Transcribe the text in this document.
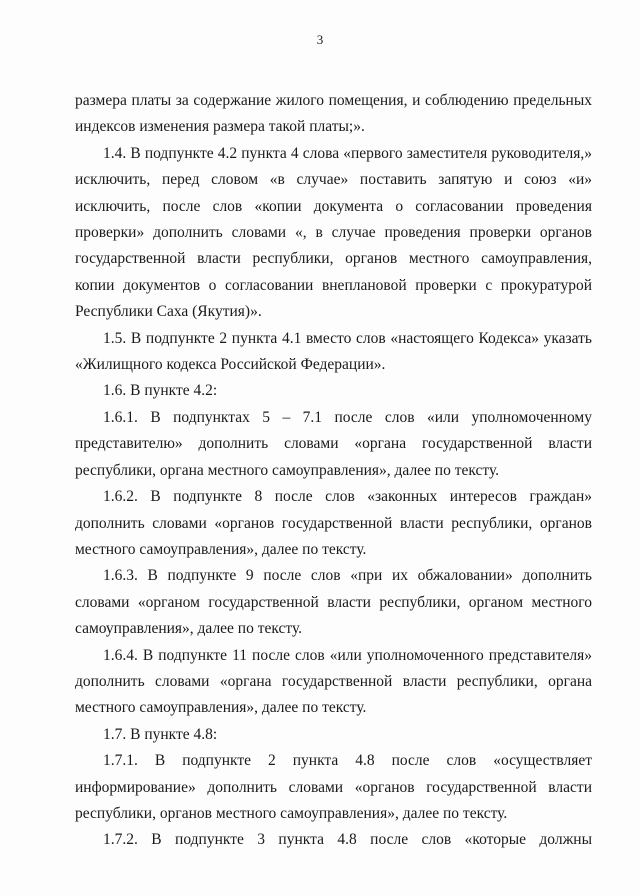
3

размера платы за содержание жилого помещения, и соблюдению предельных индексов изменения размера такой платы;».

1.4. В подпункте 4.2 пункта 4 слова «первого заместителя руководителя,» исключить, перед словом «в случае» поставить запятую и союз «и» исключить, после слов «копии документа о согласовании проведения проверки» дополнить словами «, в случае проведения проверки органов государственной власти республики, органов местного самоуправления, копии документов о согласовании внеплановой проверки с прокуратурой Республики Саха (Якутия)».

1.5. В подпункте 2 пункта 4.1 вместо слов «настоящего Кодекса» указать «Жилищного кодекса Российской Федерации».

1.6. В пункте 4.2:

1.6.1. В подпунктах 5 – 7.1 после слов «или уполномоченному представителю» дополнить словами «органа государственной власти республики, органа местного самоуправления», далее по тексту.

1.6.2. В подпункте 8 после слов «законных интересов граждан» дополнить словами «органов государственной власти республики, органов местного самоуправления», далее по тексту.

1.6.3. В подпункте 9 после слов «при их обжаловании» дополнить словами «органом государственной власти республики, органом местного самоуправления», далее по тексту.

1.6.4. В подпункте 11 после слов «или уполномоченного представителя» дополнить словами «органа государственной власти республики, органа местного самоуправления», далее по тексту.

1.7. В пункте 4.8:

1.7.1. В подпункте 2 пункта 4.8 после слов «осуществляет информирование» дополнить словами «органов государственной власти республики, органов местного самоуправления», далее по тексту.

1.7.2. В подпункте 3 пункта 4.8 после слов «которые должны
